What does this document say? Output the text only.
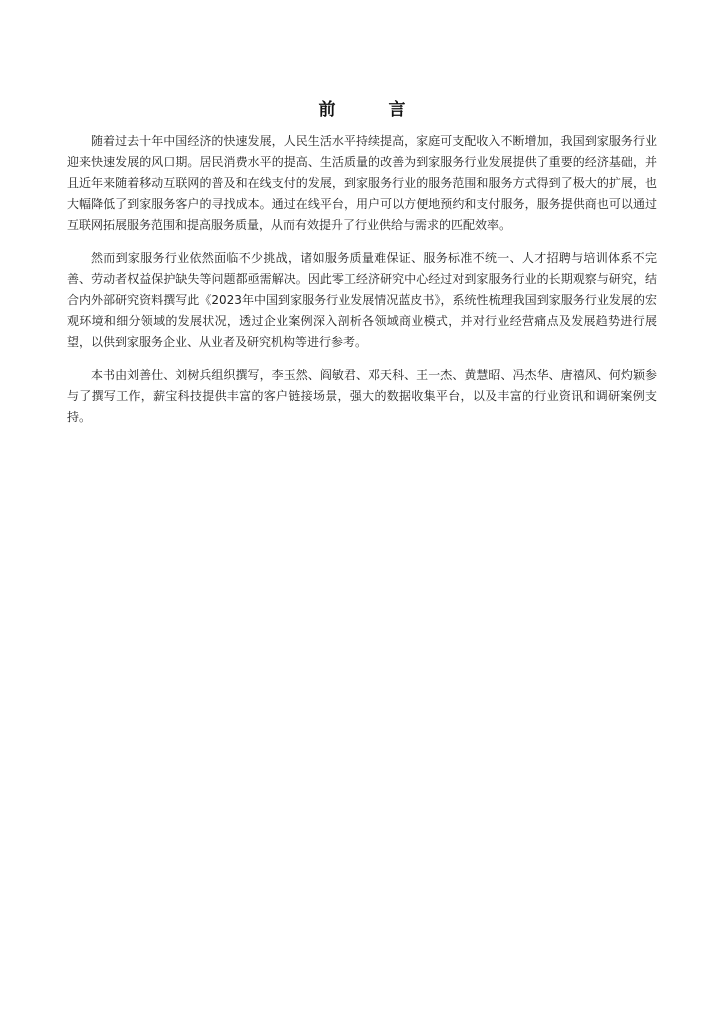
前　言

随着过去十年中国经济的快速发展，人民生活水平持续提高，家庭可支配收入不断增加，我国到家服务行业迎来快速发展的风口期。居民消费水平的提高、生活质量的改善为到家服务行业发展提供了重要的经济基础，并且近年来随着移动互联网的普及和在线支付的发展，到家服务行业的服务范围和服务方式得到了极大的扩展，也大幅降低了到家服务客户的寻找成本。通过在线平台，用户可以方便地预约和支付服务，服务提供商也可以通过互联网拓展服务范围和提高服务质量，从而有效提升了行业供给与需求的匹配效率。

然而到家服务行业依然面临不少挑战，诸如服务质量难保证、服务标准不统一、人才招聘与培训体系不完善、劳动者权益保护缺失等问题都亟需解决。因此零工经济研究中心经过对到家服务行业的长期观察与研究，结合内外部研究资料撰写此《2023年中国到家服务行业发展情况蓝皮书》，系统性梳理我国到家服务行业发展的宏观环境和细分领域的发展状况，透过企业案例深入剖析各领域商业模式，并对行业经营痛点及发展趋势进行展望，以供到家服务企业、从业者及研究机构等进行参考。

本书由刘善仕、刘树兵组织撰写，李玉然、阎敏君、邓天科、王一杰、黄慧昭、冯杰华、唐禧风、何灼颖参与了撰写工作，薪宝科技提供丰富的客户链接场景，强大的数据收集平台，以及丰富的行业资讯和调研案例支持。
